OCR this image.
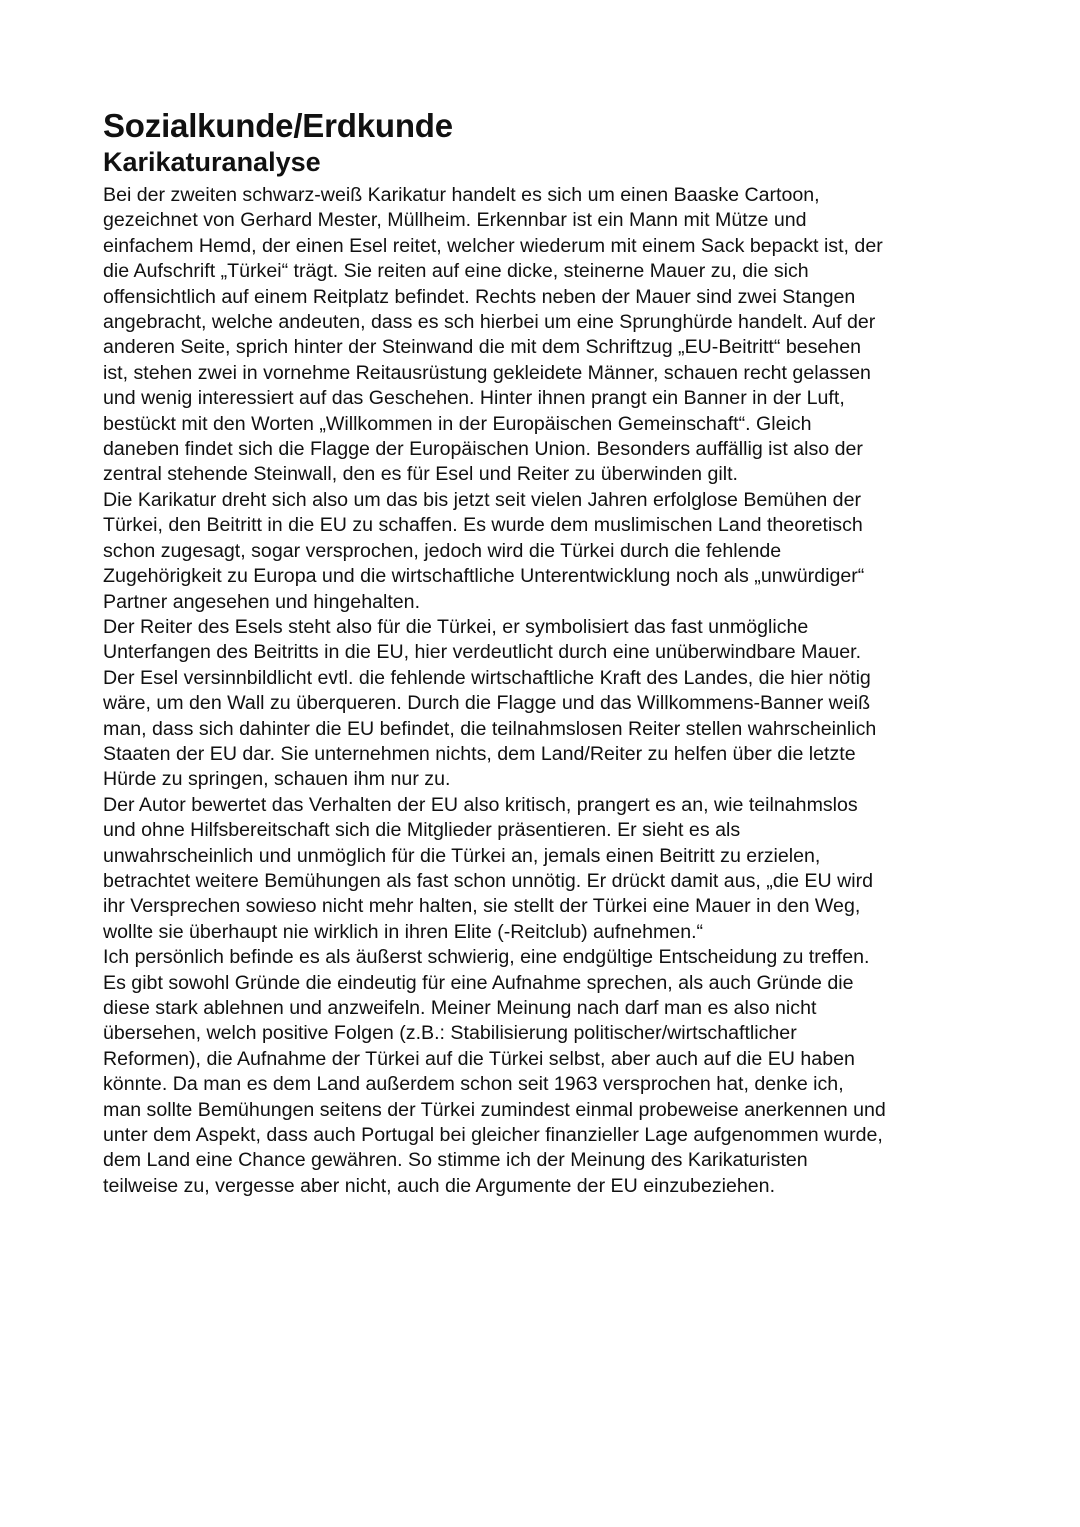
Sozialkunde/Erdkunde
Karikaturanalyse

Bei der zweiten schwarz-weiß Karikatur handelt es sich um einen Baaske Cartoon,
gezeichnet von Gerhard Mester, Müllheim. Erkennbar ist ein Mann mit Mütze und
einfachem Hemd, der einen Esel reitet, welcher wiederum mit einem Sack bepackt ist, der
die Aufschrift „Türkei“ trägt. Sie reiten auf eine dicke, steinerne Mauer zu, die sich
offensichtlich auf einem Reitplatz befindet. Rechts neben der Mauer sind zwei Stangen
angebracht, welche andeuten, dass es sch hierbei um eine Sprunghürde handelt. Auf der
anderen Seite, sprich hinter der Steinwand die mit dem Schriftzug „EU-Beitritt“ besehen
ist, stehen zwei in vornehme Reitausrüstung gekleidete Männer, schauen recht gelassen
und wenig interessiert auf das Geschehen. Hinter ihnen prangt ein Banner in der Luft,
bestückt mit den Worten „Willkommen in der Europäischen Gemeinschaft“. Gleich
daneben findet sich die Flagge der Europäischen Union. Besonders auffällig ist also der
zentral stehende Steinwall, den es für Esel und Reiter zu überwinden gilt.
Die Karikatur dreht sich also um das bis jetzt seit vielen Jahren erfolglose Bemühen der
Türkei, den Beitritt in die EU zu schaffen. Es wurde dem muslimischen Land theoretisch
schon zugesagt, sogar versprochen, jedoch wird die Türkei durch die fehlende
Zugehörigkeit zu Europa und die wirtschaftliche Unterentwicklung noch als „unwürdiger“
Partner angesehen und hingehalten.
Der Reiter des Esels steht also für die Türkei, er symbolisiert das fast unmögliche
Unterfangen des Beitritts in die EU, hier verdeutlicht durch eine unüberwindbare Mauer.
Der Esel versinnbildlicht evtl. die fehlende wirtschaftliche Kraft des Landes, die hier nötig
wäre, um den Wall zu überqueren. Durch die Flagge und das Willkommens-Banner weiß
man, dass sich dahinter die EU befindet, die teilnahmslosen Reiter stellen wahrscheinlich
Staaten der EU dar. Sie unternehmen nichts, dem Land/Reiter zu helfen über die letzte
Hürde zu springen, schauen ihm nur zu.
Der Autor bewertet das Verhalten der EU also kritisch, prangert es an, wie teilnahmslos
und ohne Hilfsbereitschaft sich die Mitglieder präsentieren. Er sieht es als
unwahrscheinlich und unmöglich für die Türkei an, jemals einen Beitritt zu erzielen,
betrachtet weitere Bemühungen als fast schon unnötig. Er drückt damit aus, „die EU wird
ihr Versprechen sowieso nicht mehr halten, sie stellt der Türkei eine Mauer in den Weg,
wollte sie überhaupt nie wirklich in ihren Elite (-Reitclub) aufnehmen.“
Ich persönlich befinde es als äußerst schwierig, eine endgültige Entscheidung zu treffen.
Es gibt sowohl Gründe die eindeutig für eine Aufnahme sprechen, als auch Gründe die
diese stark ablehnen und anzweifeln. Meiner Meinung nach darf man es also nicht
übersehen, welch positive Folgen (z.B.: Stabilisierung politischer/wirtschaftlicher
Reformen), die Aufnahme der Türkei auf die Türkei selbst, aber auch auf die EU haben
könnte. Da man es dem Land außerdem schon seit 1963 versprochen hat, denke ich,
man sollte Bemühungen seitens der Türkei zumindest einmal probeweise anerkennen und
unter dem Aspekt, dass auch Portugal bei gleicher finanzieller Lage aufgenommen wurde,
dem Land eine Chance gewähren. So stimme ich der Meinung des Karikaturisten
teilweise zu, vergesse aber nicht, auch die Argumente der EU einzubeziehen.
